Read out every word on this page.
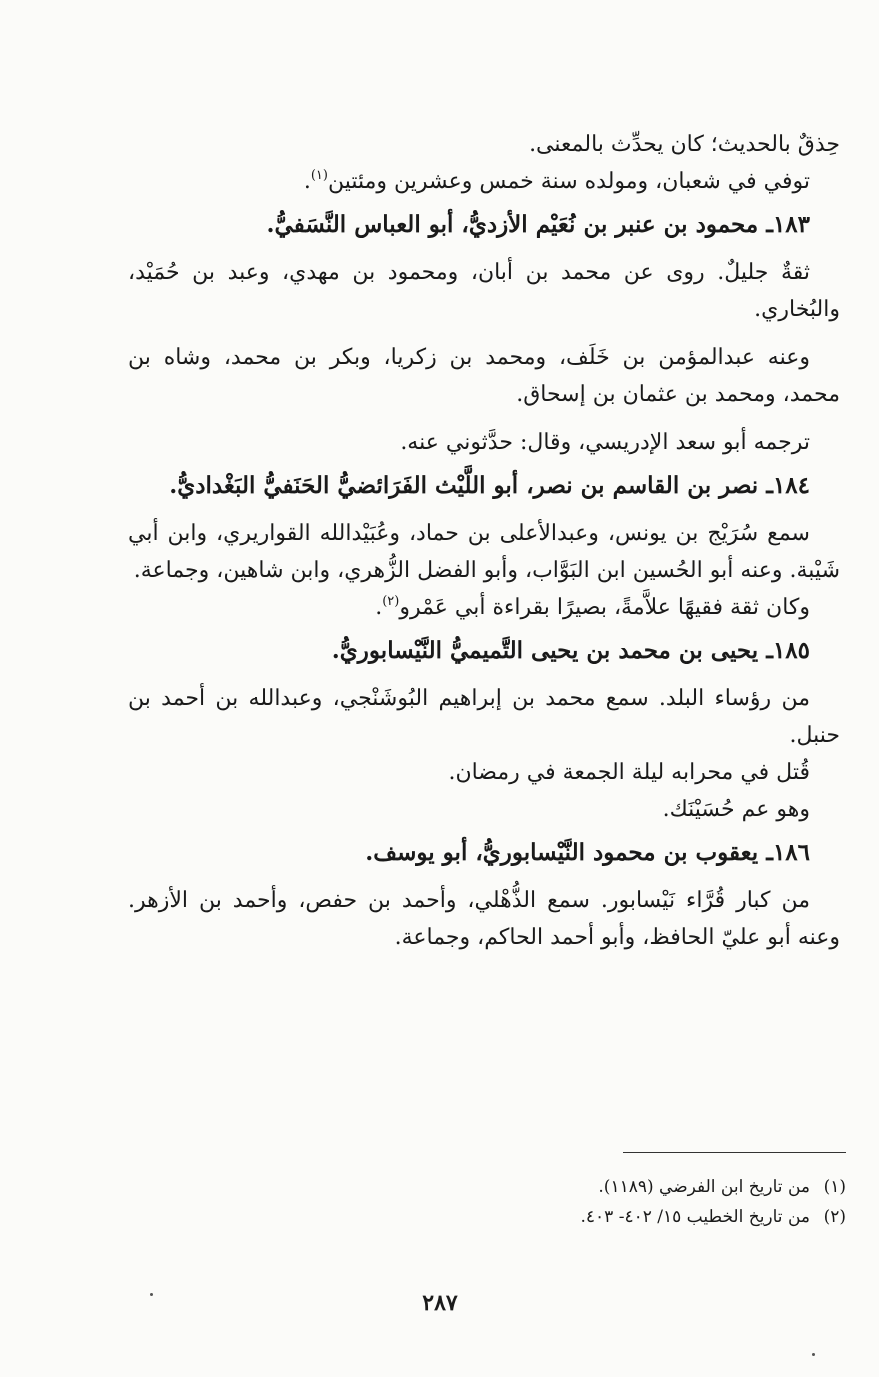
حِذقٌ بالحديث؛ كان يحدِّث بالمعنى.

توفي في شعبان، ومولده سنة خمس وعشرين ومئتين$^{(١)}$.

١٨٣ـ محمود بن عنبر بن نُعَيْم الأزديُّ، أبو العباس النَّسَفيُّ.

ثقةٌ جليلٌ. روى عن محمد بن أبان، ومحمود بن مهدي، وعبد بن حُمَيْد، والبُخاري.

وعنه عبدالمؤمن بن خَلَف، ومحمد بن زكريا، وبكر بن محمد، وشاه بن محمد، ومحمد بن عثمان بن إسحاق.

ترجمه أبو سعد الإدريسي، وقال: حدَّثوني عنه.

١٨٤ـ نصر بن القاسم بن نصر، أبو اللَّيْث الفَرَائضيُّ الحَنَفيُّ البَغْداديُّ.

سمع سُرَيْج بن يونس، وعبدالأعلى بن حماد، وعُبَيْدالله القواريري، وابن أبي شَيْبة. وعنه أبو الحُسين ابن البَوَّاب، وأبو الفضل الزُّهري، وابن شاهين، وجماعة.

وكان ثقة فقيهًا علاَّمةً، بصيرًا بقراءة أبي عَمْرو$^{(٢)}$.

١٨٥ـ يحيى بن محمد بن يحيى التَّميميُّ النَّيْسابوريُّ.

من رؤساء البلد. سمع محمد بن إبراهيم البُوشَنْجي، وعبدالله بن أحمد بن حنبل.

قُتل في محرابه ليلة الجمعة في رمضان.

وهو عم حُسَيْنَك.

١٨٦ـ يعقوب بن محمود النَّيْسابوريُّ، أبو يوسف.

من كبار قُرَّاء نَيْسابور. سمع الذُّهْلي، وأحمد بن حفص، وأحمد بن الأزهر. وعنه أبو عليّ الحافظ، وأبو أحمد الحاكم، وجماعة.

(١)من تاريخ ابن الفرضي (١١٨٩).

(٢)من تاريخ الخطيب ١٥/ ٤٠٢- ٤٠٣.

٢٨٧
